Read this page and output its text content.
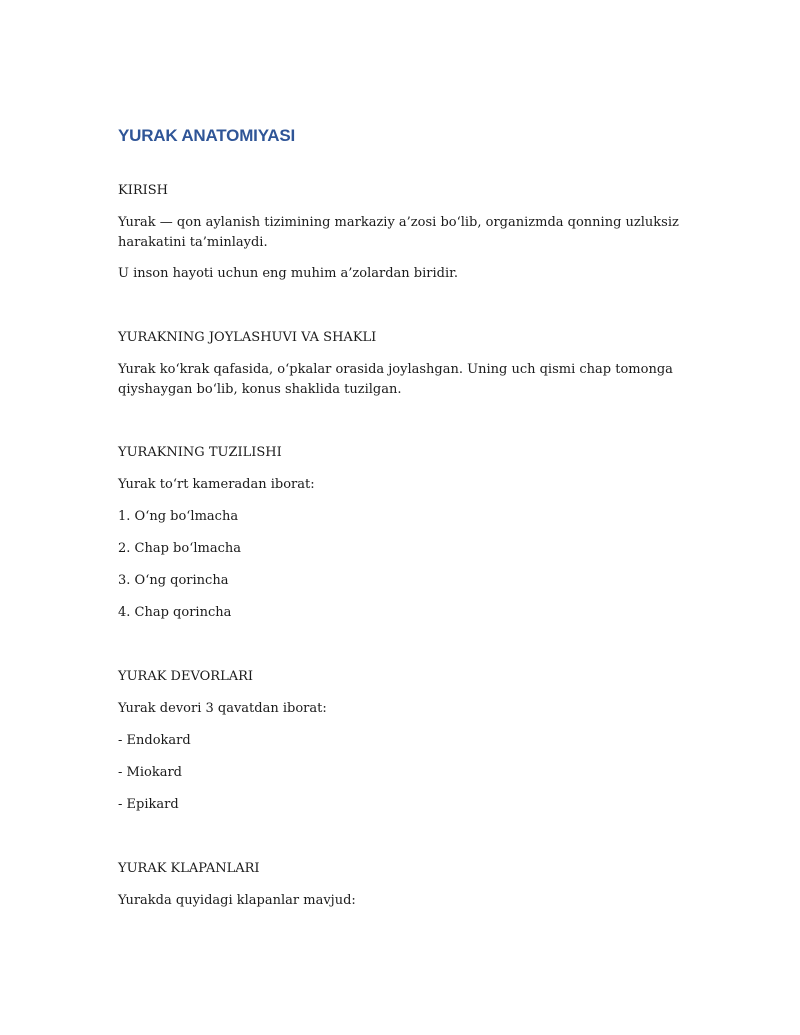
YURAK ANATOMIYASI

KIRISH

Yurak — qon aylanish tizimining markaziy a’zosi bo‘lib, organizmda qonning uzluksiz harakatini ta’minlaydi.

U inson hayoti uchun eng muhim a’zolardan biridir.

YURAKNING JOYLASHUVI VA SHAKLI

Yurak ko‘krak qafasida, o‘pkalar orasida joylashgan. Uning uch qismi chap tomonga qiyshaygan bo‘lib, konus shaklida tuzilgan.

YURAKNING TUZILISHI

Yurak to‘rt kameradan iborat:

1. O‘ng bo‘lmacha

2. Chap bo‘lmacha

3. O‘ng qorincha

4. Chap qorincha

YURAK DEVORLARI

Yurak devori 3 qavatdan iborat:

- Endokard

- Miokard

- Epikard

YURAK KLAPANLARI

Yurakda quyidagi klapanlar mavjud:
